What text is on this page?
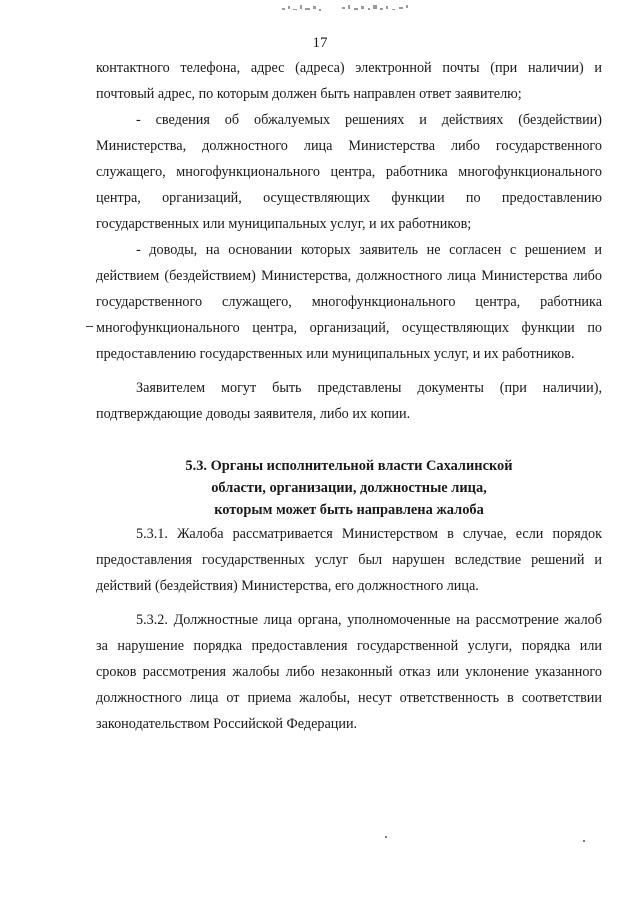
17

контактного телефона, адрес (адреса) электронной почты (при наличии) и почтовый адрес, по которым должен быть направлен ответ заявителю;

- сведения об обжалуемых решениях и действиях (бездействии) Министерства, должностного лица Министерства либо государственного служащего, многофункционального центра, работника многофункционального центра, организаций, осуществляющих функции по предоставлению государственных или муниципальных услуг, и их работников;

- доводы, на основании которых заявитель не согласен с решением и действием (бездействием) Министерства, должностного лица Министерства либо государственного служащего, многофункционального центра, работника многофункционального центра, организаций, осуществляющих функции по предоставлению государственных или муниципальных услуг, и их работников.

Заявителем могут быть представлены документы (при наличии), подтверждающие доводы заявителя, либо их копии.

5.3. Органы исполнительной власти Сахалинской
области, организации, должностные лица,
которым может быть направлена жалоба

5.3.1. Жалоба рассматривается Министерством в случае, если порядок предоставления государственных услуг был нарушен вследствие решений и действий (бездействия) Министерства, его должностного лица.

5.3.2. Должностные лица органа, уполномоченные на рассмотрение жалоб за нарушение порядка предоставления государственной услуги, порядка или сроков рассмотрения жалобы либо незаконный отказ или уклонение указанного должностного лица от приема жалобы, несут ответственность в соответствии законодательством Российской Федерации.
